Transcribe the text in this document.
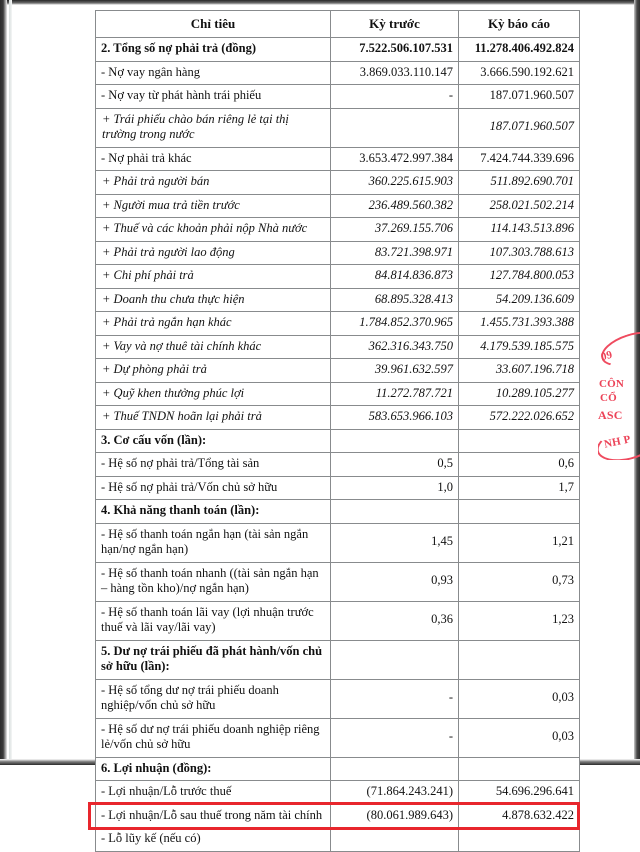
Chỉ tiêu	Kỳ trước	Kỳ báo cáo
2. Tổng số nợ phải trả (đồng)	7.522.506.107.531	11.278.406.492.824
- Nợ vay ngân hàng	3.869.033.110.147	3.666.590.192.621
- Nợ vay từ phát hành trái phiếu	-	187.071.960.507
+ Trái phiếu chào bán riêng lẻ tại thị trường trong nước		187.071.960.507
- Nợ phải trả khác	3.653.472.997.384	7.424.744.339.696
+ Phải trả người bán	360.225.615.903	511.892.690.701
+ Người mua trả tiền trước	236.489.560.382	258.021.502.214
+ Thuế và các khoản phải nộp Nhà nước	37.269.155.706	114.143.513.896
+ Phải trả người lao động	83.721.398.971	107.303.788.613
+ Chi phí phải trả	84.814.836.873	127.784.800.053
+ Doanh thu chưa thực hiện	68.895.328.413	54.209.136.609
+ Phải trả ngắn hạn khác	1.784.852.370.965	1.455.731.393.388
+ Vay và nợ thuê tài chính khác	362.316.343.750	4.179.539.185.575
+ Dự phòng phải trả	39.961.632.597	33.607.196.718
+ Quỹ khen thưởng phúc lợi	11.272.787.721	10.289.105.277
+ Thuế TNDN hoãn lại phải trả	583.653.966.103	572.222.026.652
3. Cơ cấu vốn (lần):		
- Hệ số nợ phải trả/Tổng tài sản	0,5	0,6
- Hệ số nợ phải trả/Vốn chủ sở hữu	1,0	1,7
4. Khả năng thanh toán (lần):		
- Hệ số thanh toán ngắn hạn (tài sản ngắn hạn/nợ ngắn hạn)	1,45	1,21
- Hệ số thanh toán nhanh ((tài sản ngắn hạn – hàng tồn kho)/nợ ngắn hạn)	0,93	0,73
- Hệ số thanh toán lãi vay (lợi nhuận trước thuế và lãi vay/lãi vay)	0,36	1,23
5. Dư nợ trái phiếu đã phát hành/vốn chủ sở hữu (lần):		
- Hệ số tổng dư nợ trái phiếu doanh nghiệp/vốn chủ sở hữu	-	0,03
- Hệ số dư nợ trái phiếu doanh nghiệp riêng lẻ/vốn chủ sở hữu	-	0,03
6. Lợi nhuận (đồng):		
- Lợi nhuận/Lỗ trước thuế	(71.864.243.241)	54.696.296.641
- Lợi nhuận/Lỗ sau thuế trong năm tài chính	(80.061.989.643)	4.878.632.422
- Lỗ lũy kế (nếu có)		
09
CÔN
CỔ
ASC
NH P
